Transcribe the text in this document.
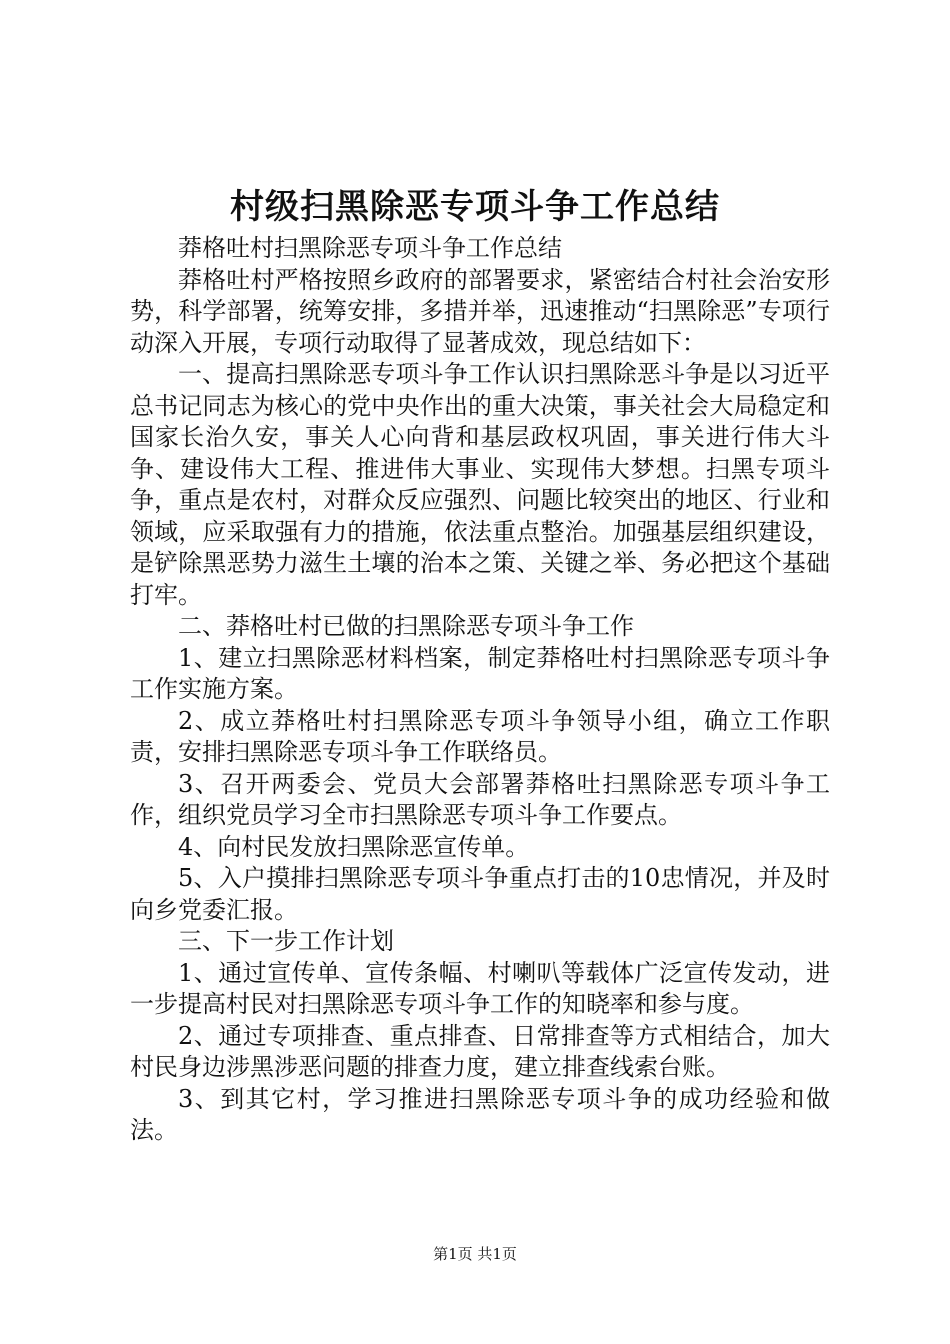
村级扫黑除恶专项斗争工作总结

莽格吐村扫黑除恶专项斗争工作总结

莽格吐村严格按照乡政府的部署要求，紧密结合村社会治安形势，科学部署，统筹安排，多措并举，迅速推动“扫黑除恶”专项行动深入开展，专项行动取得了显著成效，现总结如下：

一、提高扫黑除恶专项斗争工作认识扫黑除恶斗争是以习近平总书记同志为核心的党中央作出的重大决策，事关社会大局稳定和国家长治久安，事关人心向背和基层政权巩固，事关进行伟大斗争、建设伟大工程、推进伟大事业、实现伟大梦想。扫黑专项斗争，重点是农村，对群众反应强烈、问题比较突出的地区、行业和领域，应采取强有力的措施，依法重点整治。加强基层组织建设，是铲除黑恶势力滋生土壤的治本之策、关键之举、务必把这个基础打牢。

二、莽格吐村已做的扫黑除恶专项斗争工作

1、建立扫黑除恶材料档案，制定莽格吐村扫黑除恶专项斗争工作实施方案。

2、成立莽格吐村扫黑除恶专项斗争领导小组，确立工作职责，安排扫黑除恶专项斗争工作联络员。

3、召开两委会、党员大会部署莽格吐扫黑除恶专项斗争工作，组织党员学习全市扫黑除恶专项斗争工作要点。

4、向村民发放扫黑除恶宣传单。

5、入户摸排扫黑除恶专项斗争重点打击的10忠情况，并及时向乡党委汇报。

三、下一步工作计划

1、通过宣传单、宣传条幅、村喇叭等载体广泛宣传发动，进一步提高村民对扫黑除恶专项斗争工作的知晓率和参与度。

2、通过专项排查、重点排查、日常排查等方式相结合，加大村民身边涉黑涉恶问题的排查力度，建立排查线索台账。

3、到其它村，学习推进扫黑除恶专项斗争的成功经验和做法。

第1页 共1页
